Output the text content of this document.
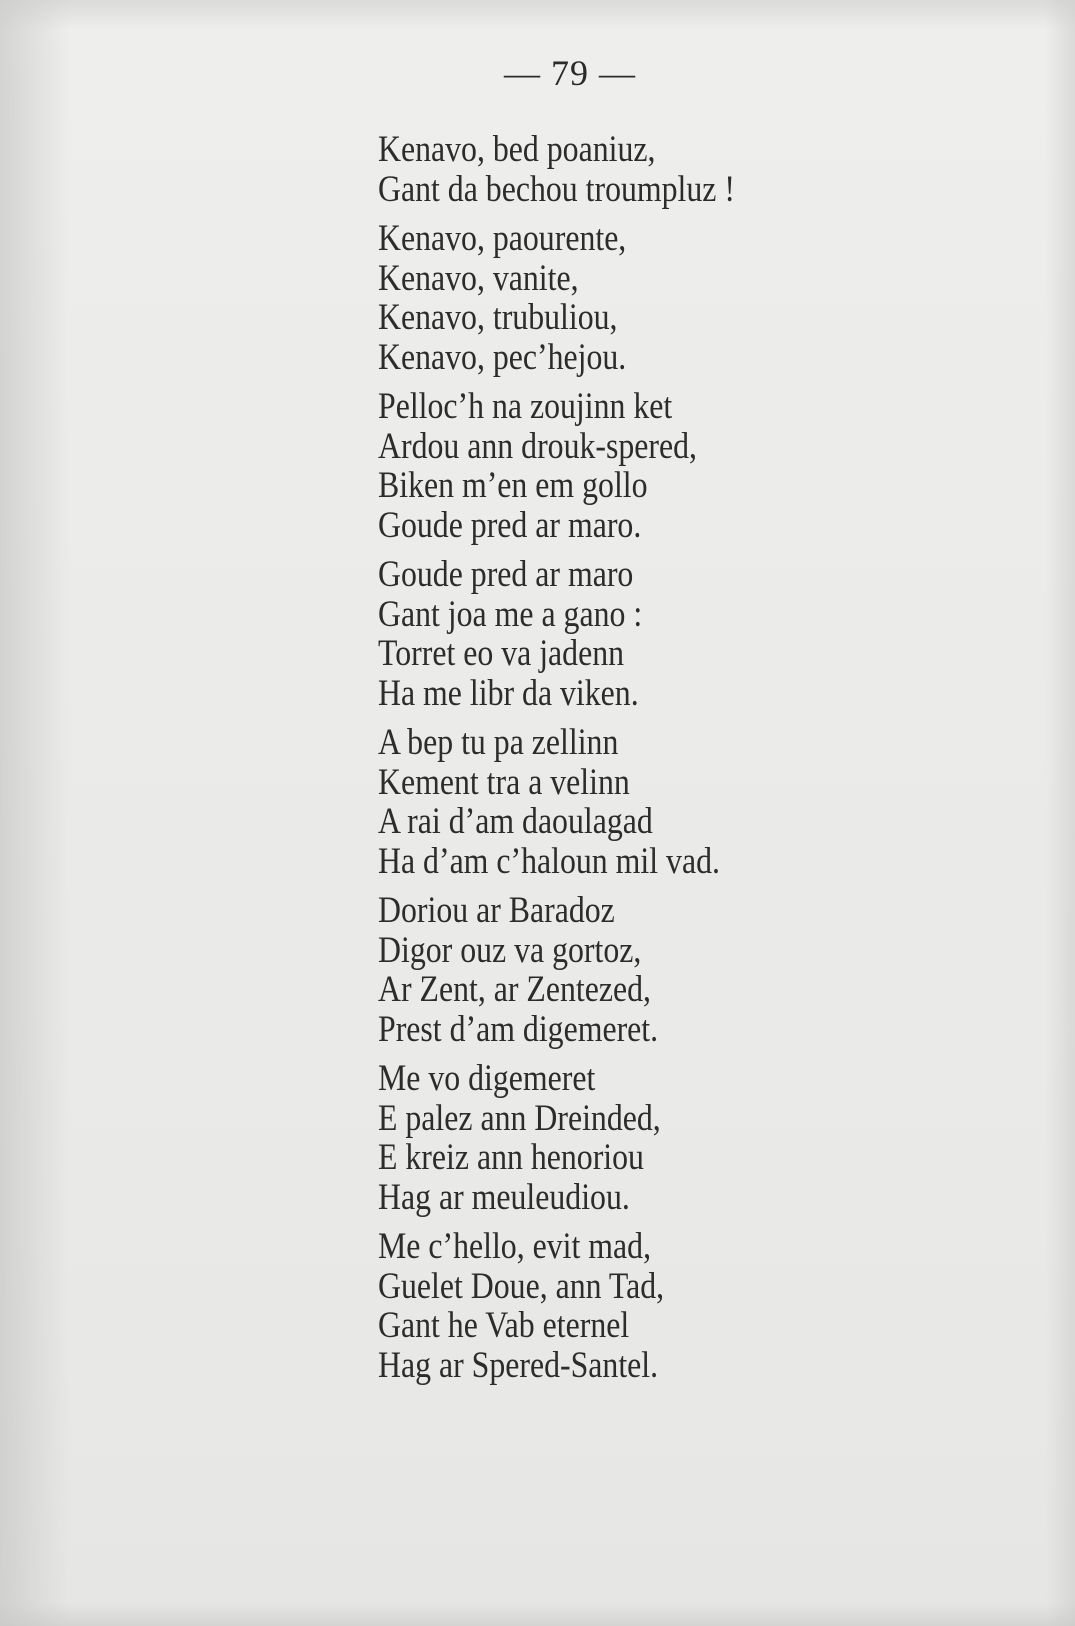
— 79 —
Kenavo, bed poaniuz,
Gant da bechou troumpluz !
Kenavo, paourente,
Kenavo, vanite,
Kenavo, trubuliou,
Kenavo, pec’hejou.
Pelloc’h na zoujinn ket
Ardou ann drouk-spered,
Biken m’en em gollo
Goude pred ar maro.
Goude pred ar maro
Gant joa me a gano :
Torret eo va jadenn
Ha me libr da viken.
A bep tu pa zellinn
Kement tra a velinn
A rai d’am daoulagad
Ha d’am c’haloun mil vad.
Doriou ar Baradoz
Digor ouz va gortoz,
Ar Zent, ar Zentezed,
Prest d’am digemeret.
Me vo digemeret
E palez ann Dreinded,
E kreiz ann henoriou
Hag ar meuleudiou.
Me c’hello, evit mad,
Guelet Doue, ann Tad,
Gant he Vab eternel
Hag ar Spered-Santel.
